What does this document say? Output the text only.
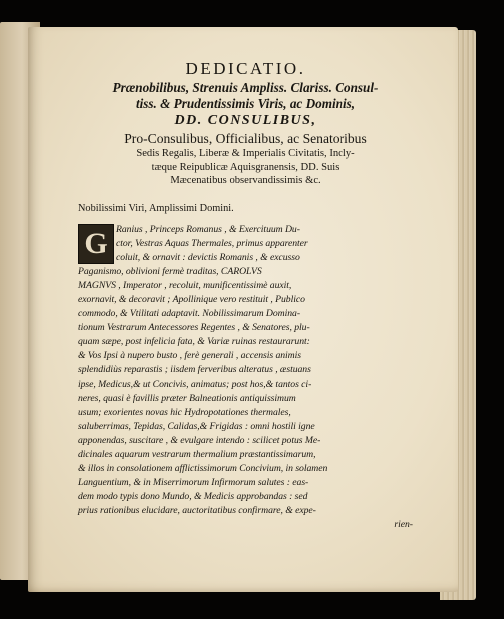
DEDICATIO.

Prænobilibus, Strenuis Ampliss. Clariss. Consul-

tiss. & Prudentissimis Viris, ac Dominis,

DD. CONSULIBUS,

Pro-Consulibus, Officialibus, ac Senatoribus

Sedis Regalis, Liberæ & Imperialis Civitatis, Incly-

tæque Reipublicæ Aquisgranensis, DD. Suis

Mæcenatibus observandissimis &c.

Nobilissimi Viri, Amplissimi Domini.

G Ranius , Princeps Romanus , & Exercituum Du-
ctor, Vestras Aquas Thermales, primus apparenter
coluit, & ornavit : devictis Romanis , & excusso
Paganismo, oblivioni fermè traditas, CAROLVS
MAGNVS , Imperator , recoluit, munificentissimè auxit,
exornavit, & decoravit ; Apollinique vero restituit , Publico
commodo, & Vtilitati adaptavit. Nobilissimarum Domina-
tionum Vestrarum Antecessores Regentes , & Senatores, plu-
quam sæpe, post infelicia fata, & Variæ ruinas restaurarunt:
& Vos Ipsi à nupero busto , ferè generali , accensis animis
splendidiùs reparastis ; iisdem ferveribus alteratus , æstuans
ipse, Medicus,& ut Concivis, animatus; post hos,& tantos ci-
neres, quasi è favillis præter Balneationis antiquissimum
usum; exorientes novas hic Hydropotationes thermales,
saluberrimas, Tepidas, Calidas,& Frigidas : omni hostili igne
apponendas, suscitare , & evulgare intendo : scilicet potus Me-
dicinales aquarum vestrarum thermalium præstantissimarum,
& illos in consolationem afflictissimorum Concivium, in solamen
Languentium, & in Miserrimorum Infirmorum salutes : eas-
dem modo typis dono Mundo, & Medicis approbandas : sed
prius rationibus elucidare, auctoritatibus confirmare, & expe-
rien-
